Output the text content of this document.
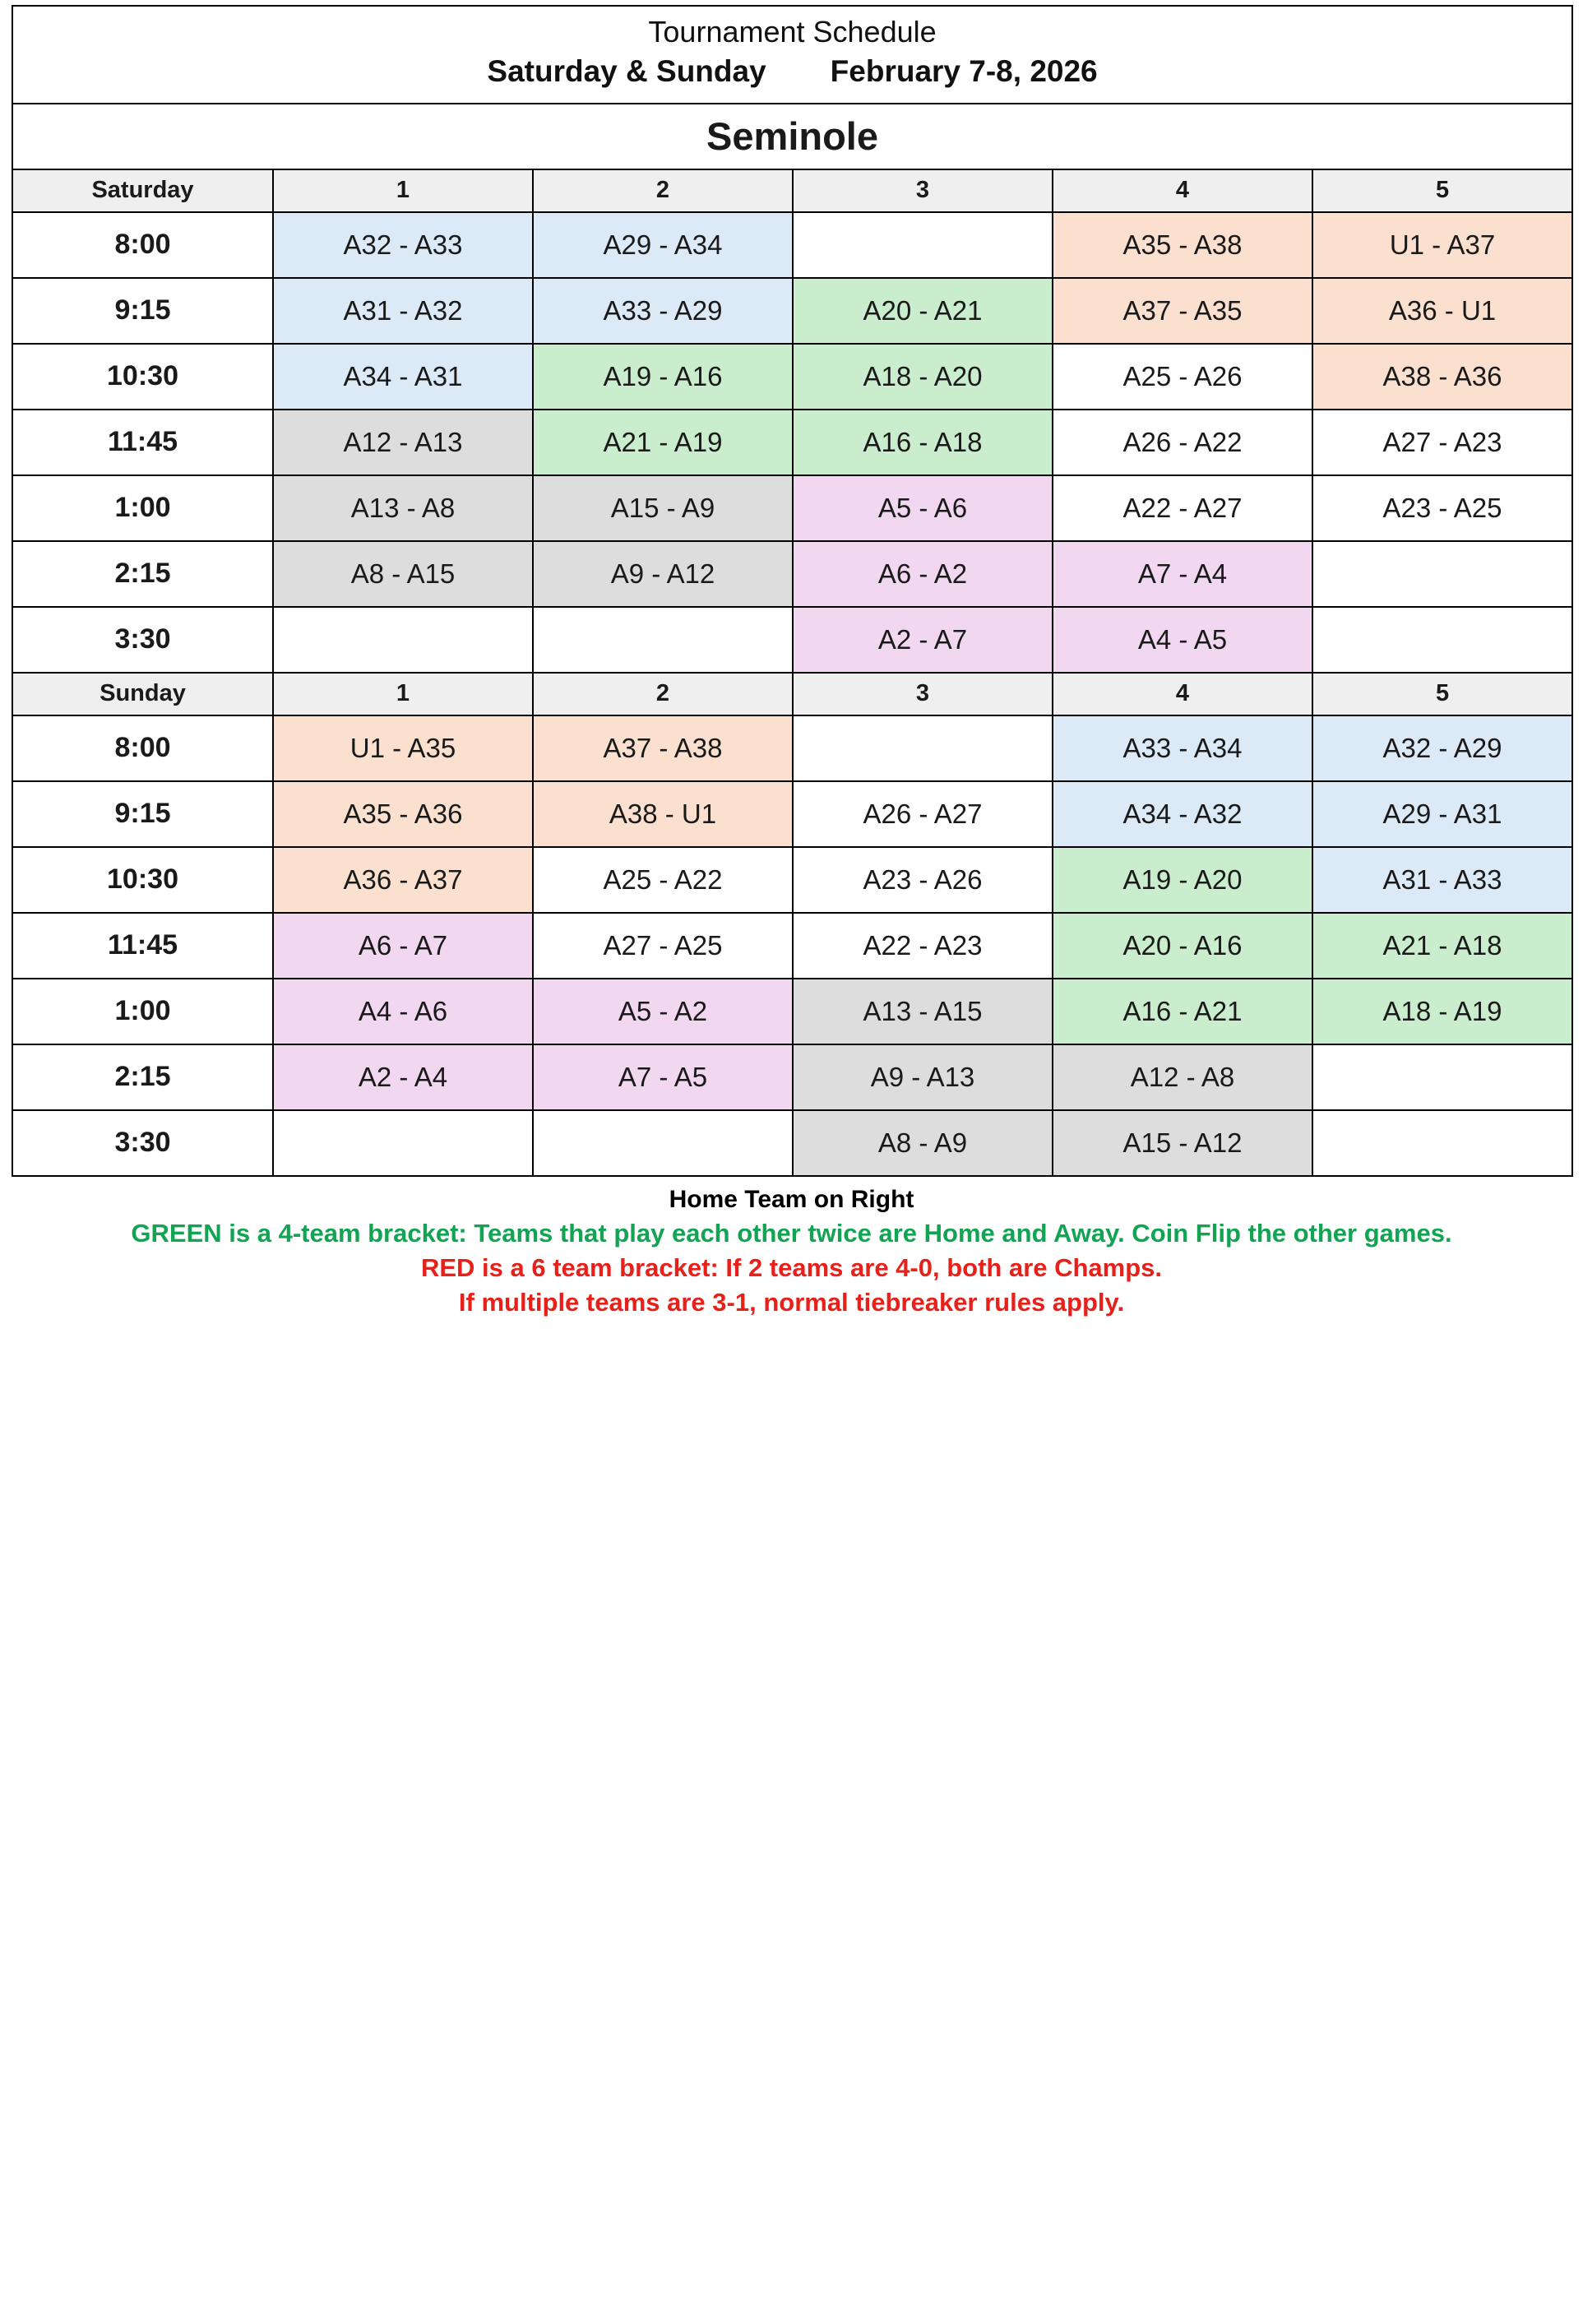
Tournament Schedule
Saturday & Sunday February 7-8, 2026					

Seminole					
Saturday	1	2	3	4	5
8:00	A32 - A33	A29 - A34		A35 - A38	U1 - A37
9:15	A31 - A32	A33 - A29	A20 - A21	A37 - A35	A36 - U1
10:30	A34 - A31	A19 - A16	A18 - A20	A25 - A26	A38 - A36
11:45	A12 - A13	A21 - A19	A16 - A18	A26 - A22	A27 - A23
1:00	A13 - A8	A15 - A9	A5 - A6	A22 - A27	A23 - A25
2:15	A8 - A15	A9 - A12	A6 - A2	A7 - A4	
3:30			A2 - A7	A4 - A5	
Sunday	1	2	3	4	5
8:00	U1 - A35	A37 - A38		A33 - A34	A32 - A29
9:15	A35 - A36	A38 - U1	A26 - A27	A34 - A32	A29 - A31
10:30	A36 - A37	A25 - A22	A23 - A26	A19 - A20	A31 - A33
11:45	A6 - A7	A27 - A25	A22 - A23	A20 - A16	A21 - A18
1:00	A4 - A6	A5 - A2	A13 - A15	A16 - A21	A18 - A19
2:15	A2 - A4	A7 - A5	A9 - A13	A12 - A8	
3:30			A8 - A9	A15 - A12	
Home Team on Right
GREEN is a 4-team bracket: Teams that play each other twice are Home and Away. Coin Flip the other games.
RED is a 6 team bracket: If 2 teams are 4-0, both are Champs.
If multiple teams are 3-1, normal tiebreaker rules apply.
